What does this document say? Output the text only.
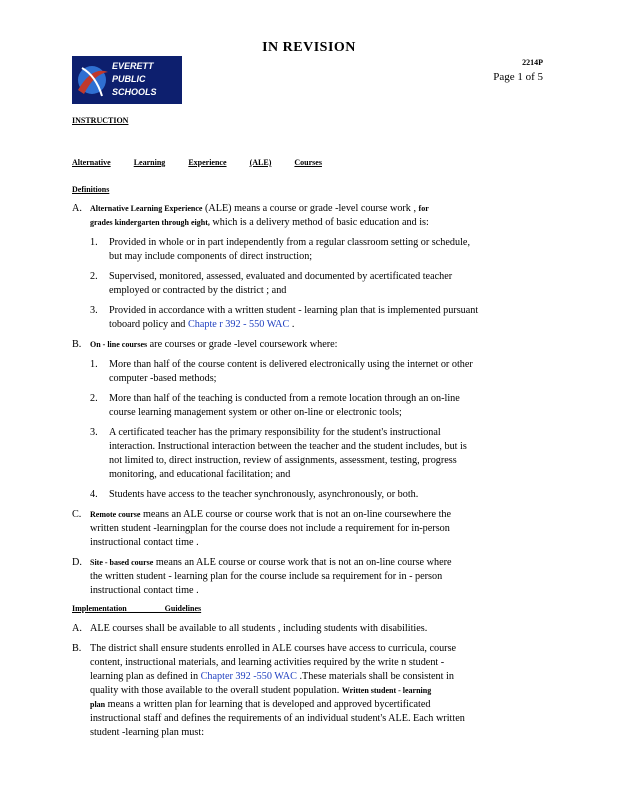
IN REVISION
EVERETT
PUBLIC
SCHOOLS
2214P
Page 1 of 5
INSTRUCTION
Alternative	Learning	Experience	(ALE)	Courses
Definitions
A. Alternative Learning Experience (ALE) means a course or grade -level course work , for
grades kindergarten through eight, which is a delivery method of basic education and is:
1. Provided in whole or in part independently from a regular classroom setting or schedule,
but may include components of direct instruction;
2. Supervised, monitored, assessed, evaluated and documented by acertificated teacher
employed or contracted by the district ; and
3. Provided in accordance with a written student - learning plan that is implemented pursuant
toboard policy and Chapte r 392 - 550 WAC .
B. On - line courses are courses or grade -level coursework where:
1. More than half of the course content is delivered electronically using the internet or other
computer -based methods;
2. More than half of the teaching is conducted from a remote location through an on-line
course learning management system or other on-line or electronic tools;
3. A certificated teacher has the primary responsibility for the student's instructional
interaction. Instructional interaction between the teacher and the student includes, but is
not limited to, direct instruction, review of assignments, assessment, testing, progress
monitoring, and educational facilitation; and
4. Students have access to the teacher synchronously, asynchronously, or both.
C. Remote course means an ALE course or course work that is not an on-line coursewhere the
written student -learningplan for the course does not include a requirement for in-person
instructional contact time .
D. Site - based course means an ALE course or course work that is not an on-line course where
the written student - learning plan for the course include sa requirement for in - person
instructional contact time .
Implementation Guidelines
A. ALE courses shall be available to all students , including students with disabilities.
B. The district shall ensure students enrolled in ALE courses have access to curricula, course
content, instructional materials, and learning activities required by the write n student -
learning plan as defined in Chapter 392 -550 WAC .These materials shall be consistent in
quality with those available to the overall student population. Written student - learning
plan means a written plan for learning that is developed and approved bycertificated
instructional staff and defines the requirements of an individual student's ALE. Each written
student -learning plan must:
